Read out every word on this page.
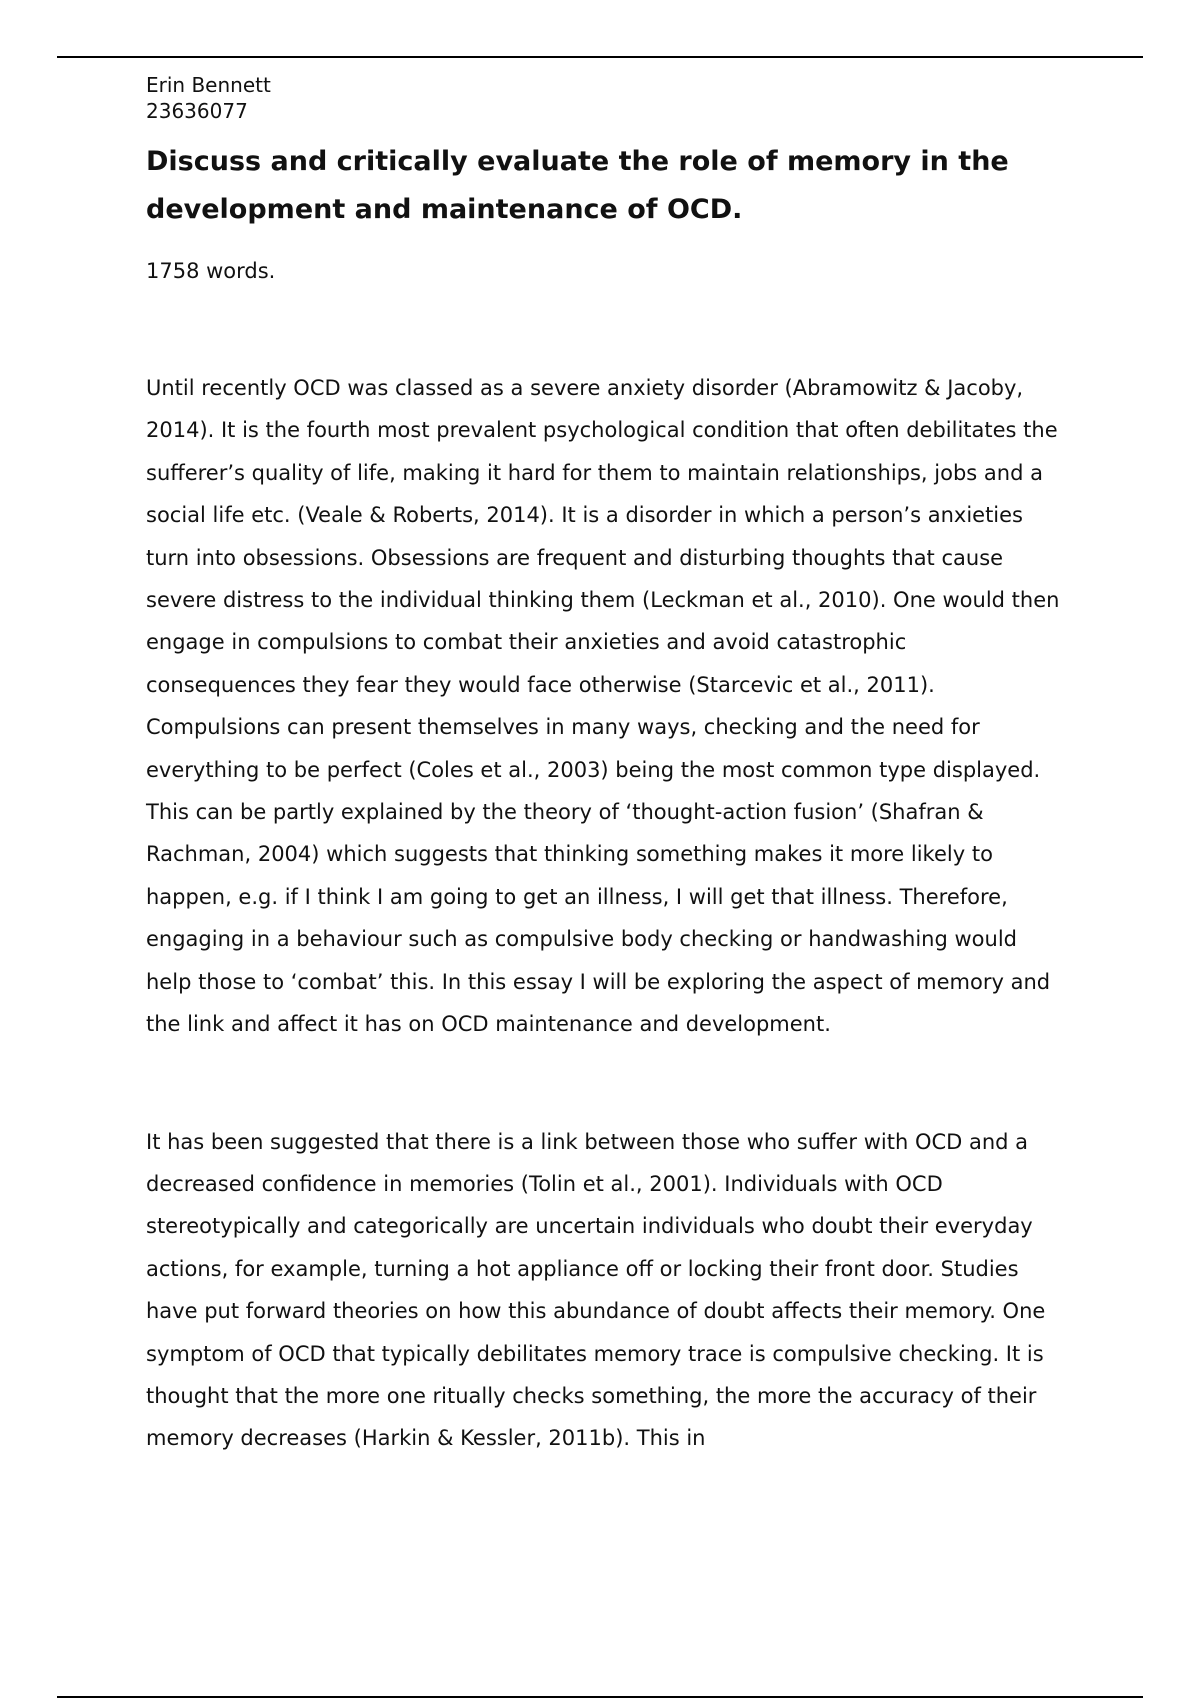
Erin Bennett

23636077

Discuss and critically evaluate the role of memory in the development and maintenance of OCD.

1758 words.

Until recently OCD was classed as a severe anxiety disorder (Abramowitz & Jacoby, 2014). It is the fourth most prevalent psychological condition that often debilitates the sufferer’s quality of life, making it hard for them to maintain relationships, jobs and a social life etc. (Veale & Roberts, 2014). It is a disorder in which a person’s anxieties turn into obsessions. Obsessions are frequent and disturbing thoughts that cause severe distress to the individual thinking them (Leckman et al., 2010). One would then engage in compulsions to combat their anxieties and avoid catastrophic consequences they fear they would face otherwise (Starcevic et al., 2011). Compulsions can present themselves in many ways, checking and the need for everything to be perfect (Coles et al., 2003) being the most common type displayed. This can be partly explained by the theory of ‘thought-action fusion’ (Shafran & Rachman, 2004) which suggests that thinking something makes it more likely to happen, e.g. if I think I am going to get an illness, I will get that illness. Therefore, engaging in a behaviour such as compulsive body checking or handwashing would help those to ‘combat’ this. In this essay I will be exploring the aspect of memory and the link and affect it has on OCD maintenance and development.

It has been suggested that there is a link between those who suffer with OCD and a decreased confidence in memories (Tolin et al., 2001). Individuals with OCD stereotypically and categorically are uncertain individuals who doubt their everyday actions, for example, turning a hot appliance off or locking their front door. Studies have put forward theories on how this abundance of doubt affects their memory. One symptom of OCD that typically debilitates memory trace is compulsive checking. It is thought that the more one ritually checks something, the more the accuracy of their memory decreases (Harkin & Kessler, 2011b). This in
